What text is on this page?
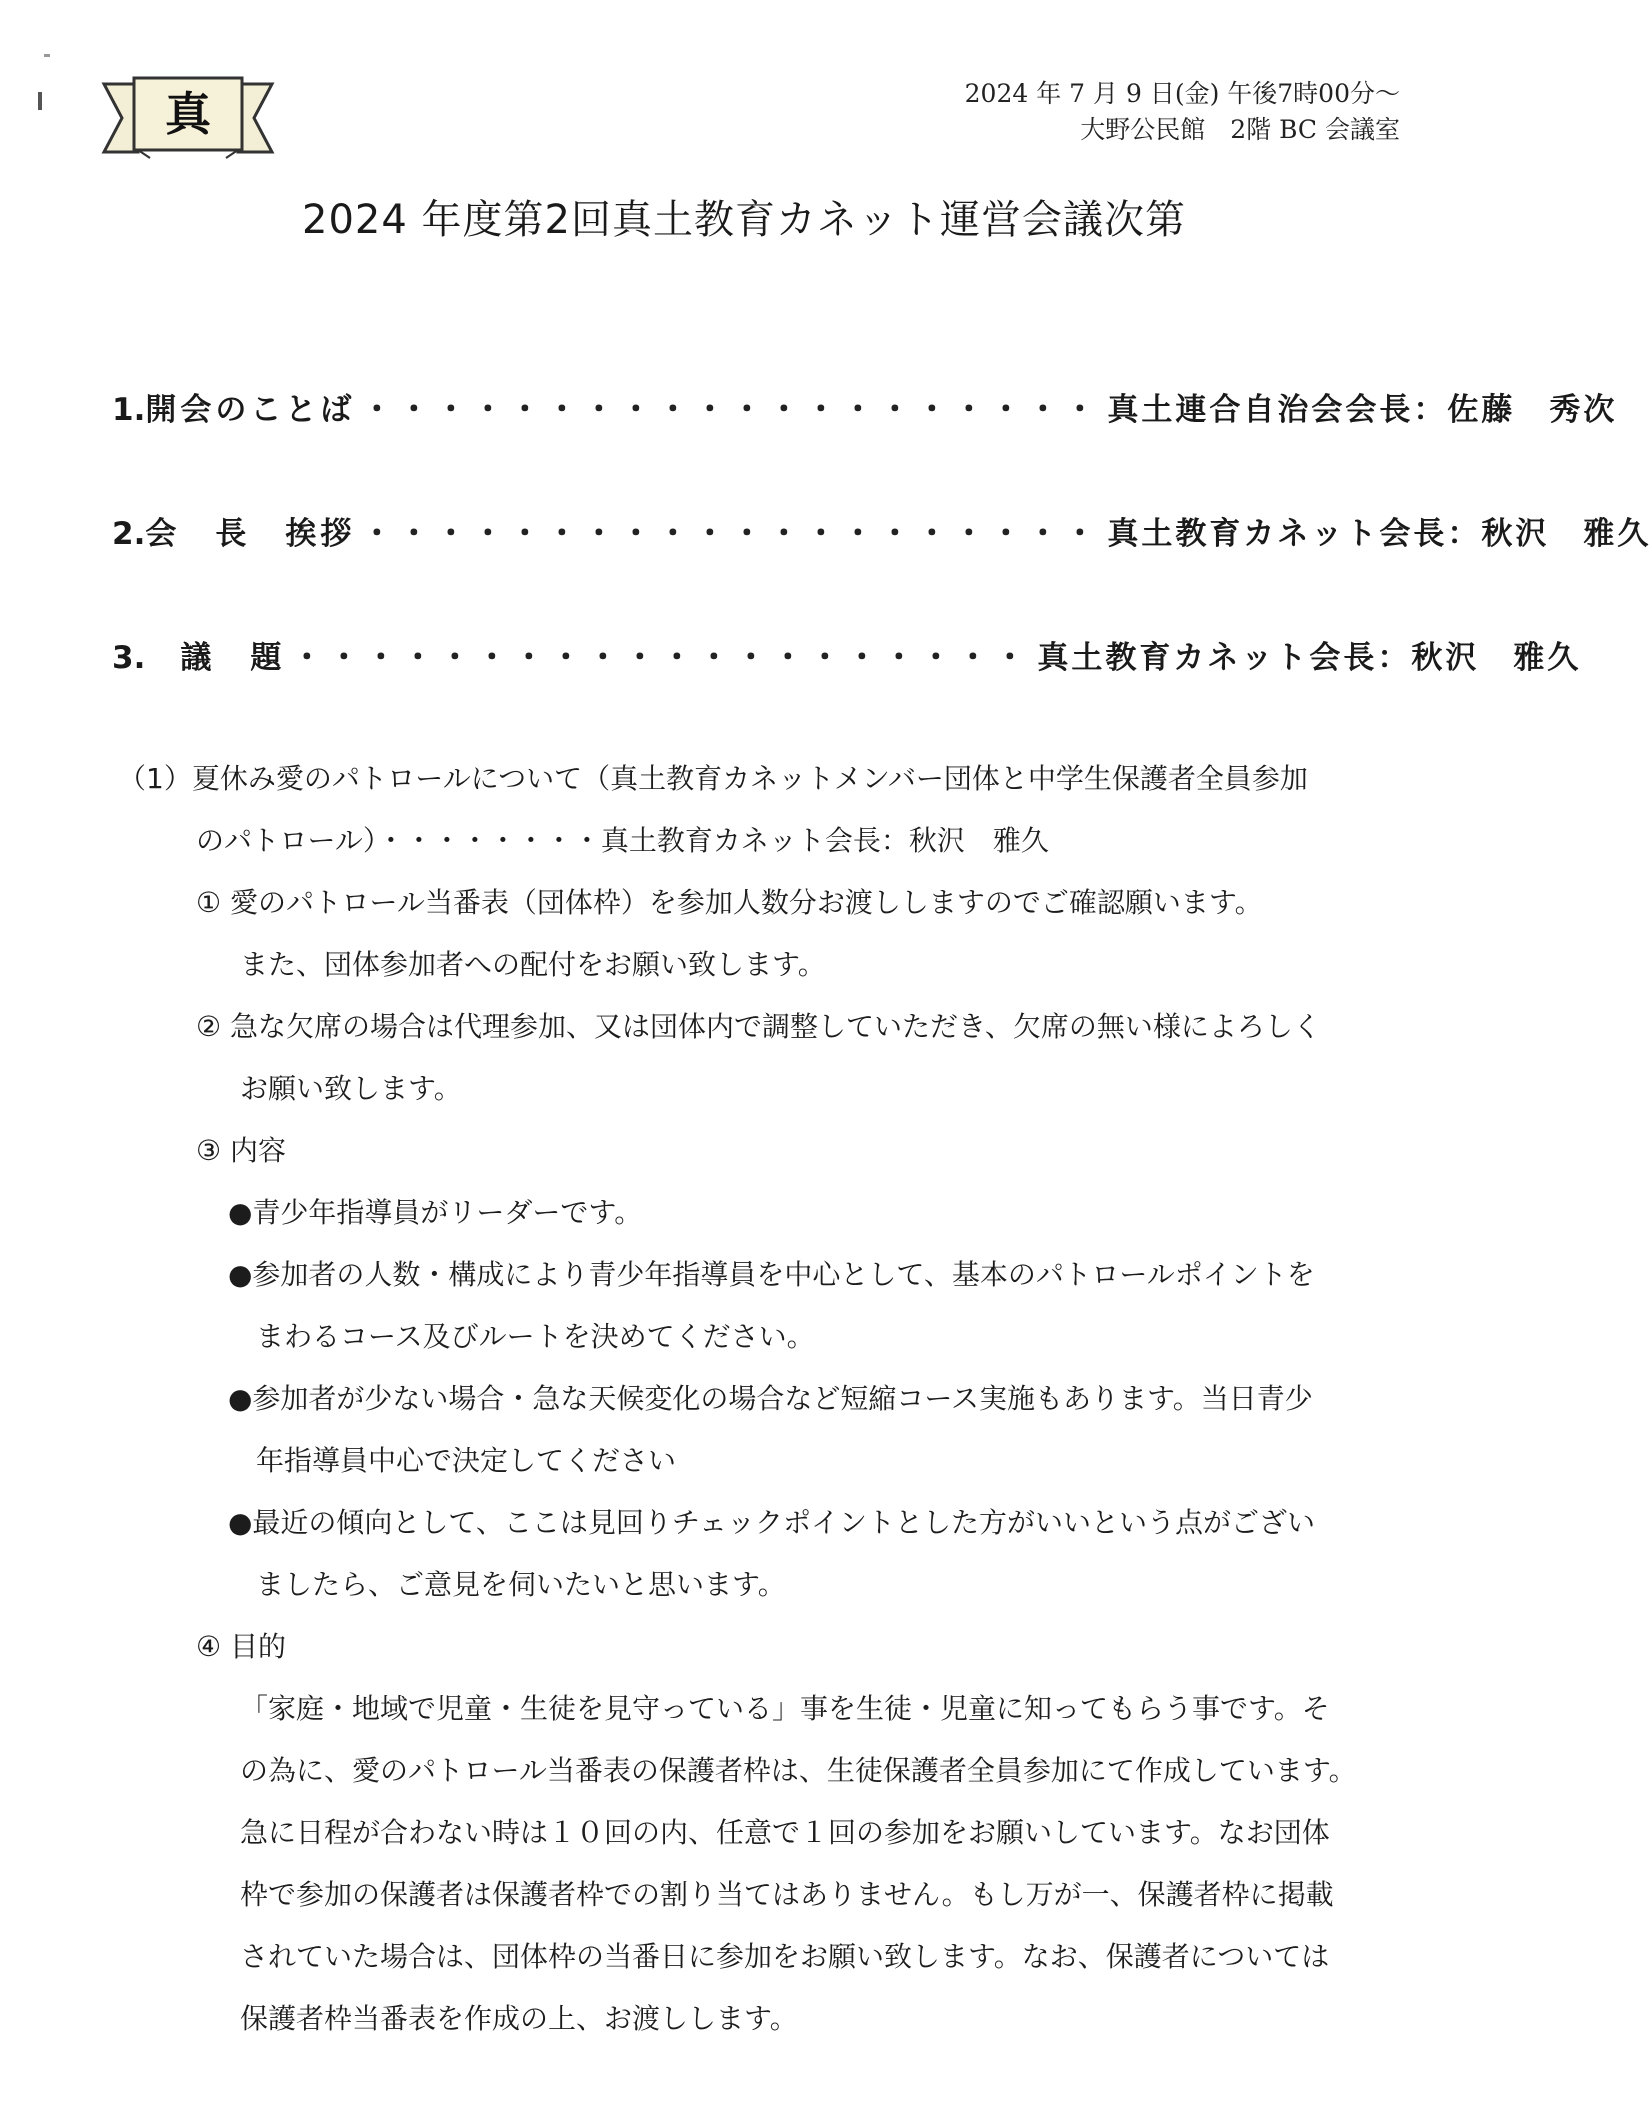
真	2024 年 7 月 9 日(金) 午後7時00分～
大野公民館　2階 BC 会議室
2024 年度第2回真土教育カネット運営会議次第
1. 開会のことば ・・・・・・・・・・・・・・・・・・・・ 真土連合自治会会長：佐藤　秀次
2. 会　長　挨拶 ・・・・・・・・・・・・・・・・・・・・ 真土教育カネット会長：秋沢　雅久
3. 　議　題 ・・・・・・・・・・・・・・・・・・・・ 真土教育カネット会長：秋沢　雅久
（1）夏休み愛のパトロールについて（真土教育カネットメンバー団体と中学生保護者全員参加
のパトロール）・・・・・・・・真土教育カネット会長：秋沢　雅久
① 愛のパトロール当番表（団体枠）を参加人数分お渡ししますのでご確認願います。
また、団体参加者への配付をお願い致します。
② 急な欠席の場合は代理参加、又は団体内で調整していただき、欠席の無い様によろしく
お願い致します。
③ 内容
●青少年指導員がリーダーです。
●参加者の人数・構成により青少年指導員を中心として、基本のパトロールポイントを
まわるコース及びルートを決めてください。
●参加者が少ない場合・急な天候変化の場合など短縮コース実施もあります。当日青少
年指導員中心で決定してください
●最近の傾向として、ここは見回りチェックポイントとした方がいいという点がござい
ましたら、ご意見を伺いたいと思います。
④ 目的
「家庭・地域で児童・生徒を見守っている」事を生徒・児童に知ってもらう事です。そ
の為に、愛のパトロール当番表の保護者枠は、生徒保護者全員参加にて作成しています。
急に日程が合わない時は１０回の内、任意で１回の参加をお願いしています。なお団体
枠で参加の保護者は保護者枠での割り当てはありません。もし万が一、保護者枠に掲載
されていた場合は、団体枠の当番日に参加をお願い致します。なお、保護者については
保護者枠当番表を作成の上、お渡しします。
